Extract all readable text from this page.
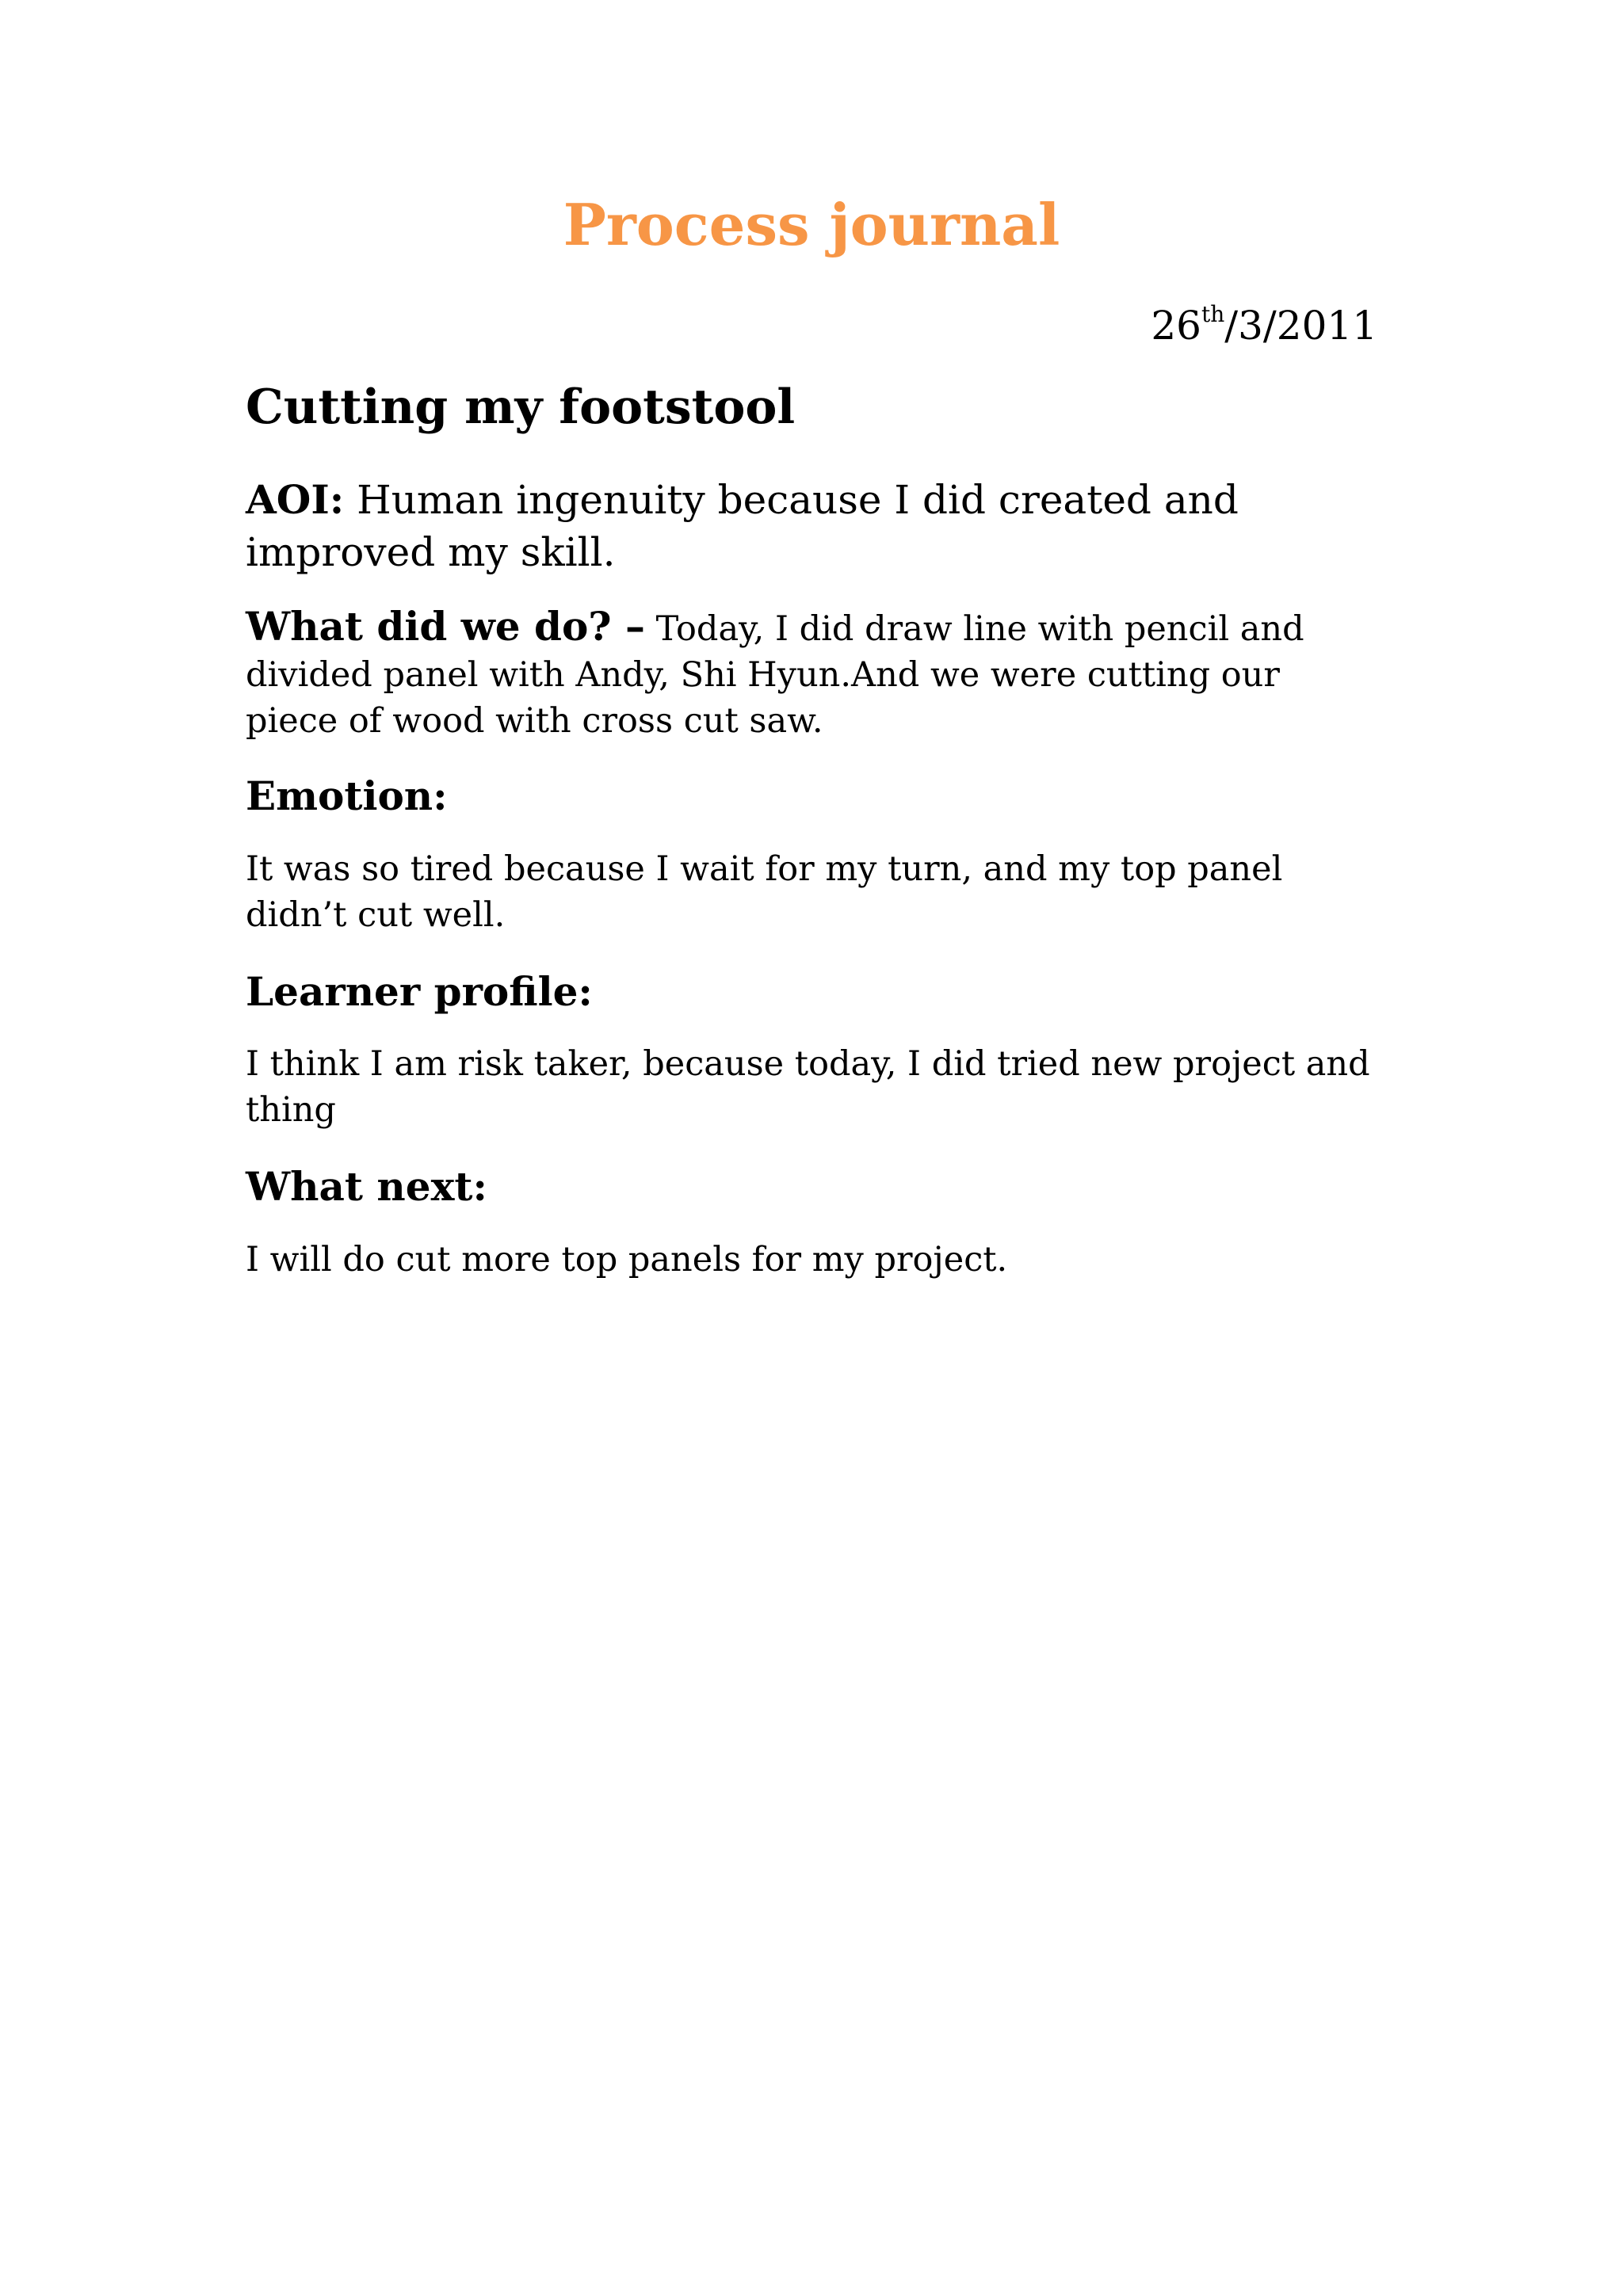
Process journal
26th/3/2011
Cutting my footstool
AOI: Human ingenuity because I did created and improved my skill.
What did we do? – Today, I did draw line with pencil and divided panel with Andy, Shi Hyun.And we were cutting our piece of wood with cross cut saw.
Emotion:
It was so tired because I wait for my turn, and my top panel didn’t cut well.
Learner profile:
I think I am risk taker, because today, I did tried new project and thing
What next:
I will do cut more top panels for my project.
